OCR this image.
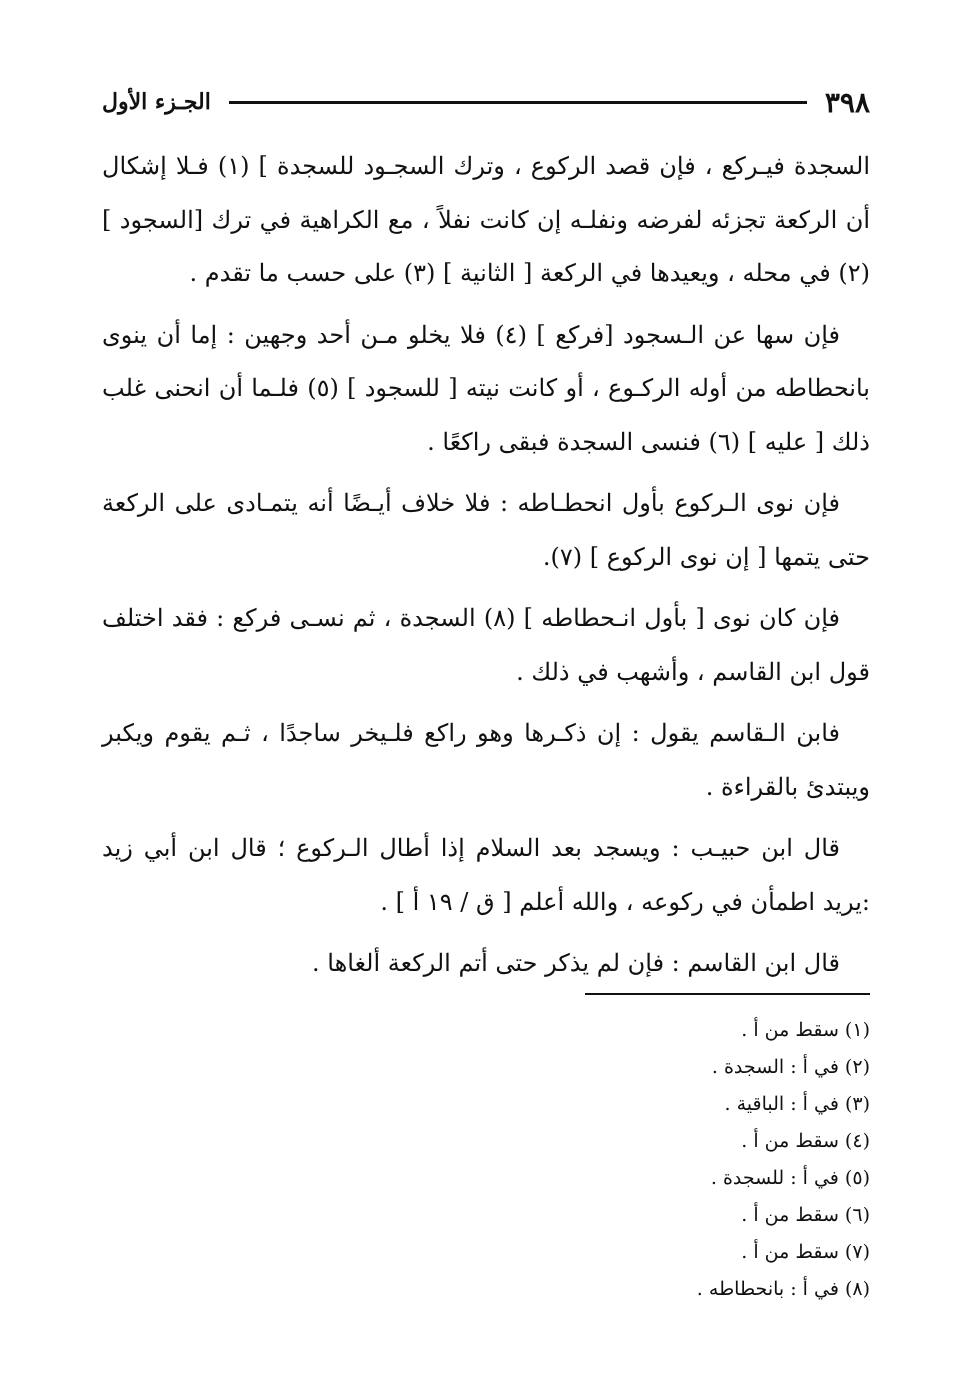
٣٩٨
الجـزء الأول

السجدة فيـركع ، فإن قصد الركوع ، وترك السجـود للسجدة ] (١) فـلا إشكال أن الركعة تجزئه لفرضه ونفلـه إن كانت نفلاً ، مع الكراهية في ترك [السجود ] (٢) في محله ، ويعيدها في الركعة [ الثانية ] (٣) على حسب ما تقدم .

فإن سها عن الـسجود [فركع ] (٤) فلا يخلو مـن أحد وجهين : إما أن ينوى بانحطاطه من أوله الركـوع ، أو كانت نيته [ للسجود ] (٥) فلـما أن انحنى غلب ذلك [ عليه ] (٦) فنسى السجدة فبقى راكعًا .

فإن نوى الـركوع بأول انحطـاطه : فلا خلاف أيـضًا أنه يتمـادى على الركعة حتى يتمها [ إن نوى الركوع ] (٧).

فإن كان نوى [ بأول انـحطاطه ] (٨) السجدة ، ثم نسـى فركع : فقد اختلف قول ابن القاسم ، وأشهب في ذلك .

فابن الـقاسم يقول : إن ذكـرها وهو راكع فلـيخر ساجدًا ، ثـم يقوم ويكبر ويبتدئ بالقراءة .

قال ابن حبيـب : ويسجد بعد السلام إذا أطال الـركوع ؛ قال ابن أبي زيد :يريد اطمأن في ركوعه ، والله أعلم [ ق / ١٩ أ ] .

قال ابن القاسم : فإن لم يذكر حتى أتم الركعة ألغاها .

(١) سقط من أ .

(٢) في أ : السجدة .

(٣) في أ : الباقية .

(٤) سقط من أ .

(٥) في أ : للسجدة .

(٦) سقط من أ .

(٧) سقط من أ .

(٨) في أ : بانحطاطه .
